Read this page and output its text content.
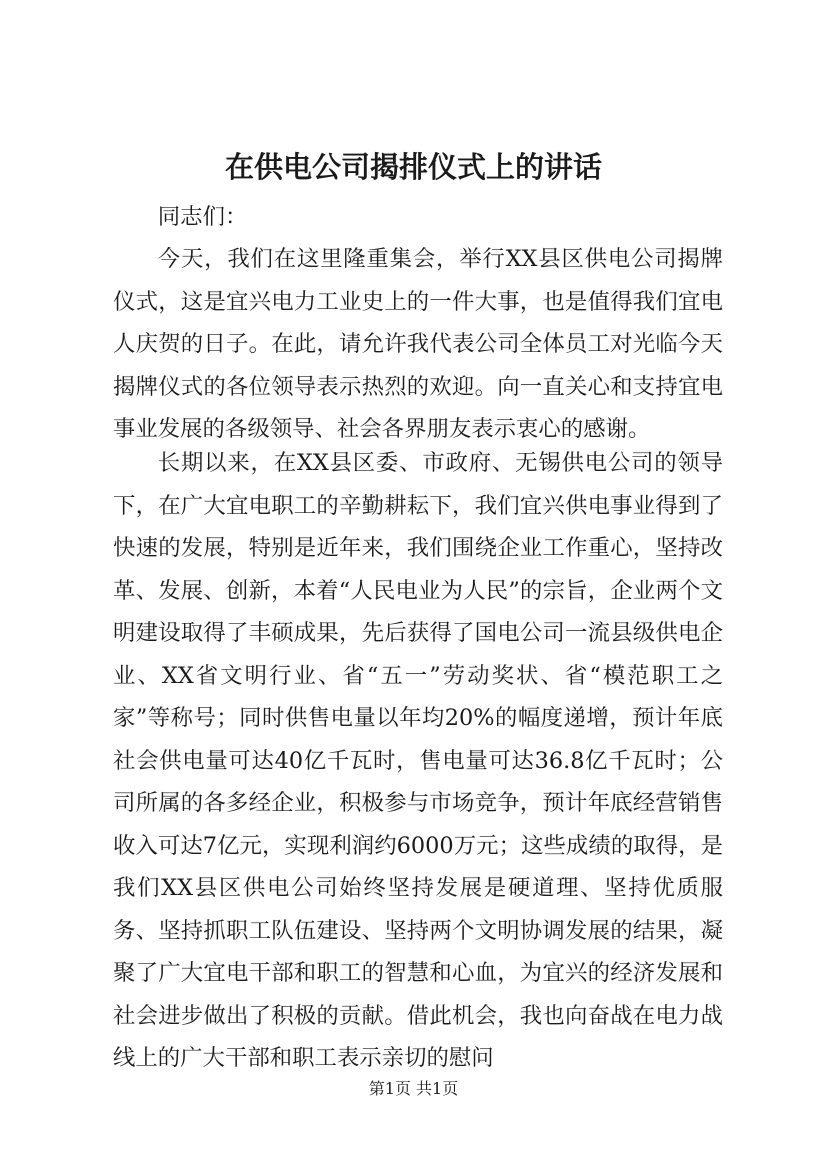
在供电公司揭排仪式上的讲话

同志们：

今天，我们在这里隆重集会，举行XX县区供电公司揭牌仪式，这是宜兴电力工业史上的一件大事，也是值得我们宜电人庆贺的日子。在此，请允许我代表公司全体员工对光临今天揭牌仪式的各位领导表示热烈的欢迎。向一直关心和支持宜电事业发展的各级领导、社会各界朋友表示衷心的感谢。

长期以来，在XX县区委、市政府、无锡供电公司的领导下，在广大宜电职工的辛勤耕耘下，我们宜兴供电事业得到了快速的发展，特别是近年来，我们围绕企业工作重心，坚持改革、发展、创新，本着“人民电业为人民”的宗旨，企业两个文明建设取得了丰硕成果，先后获得了国电公司一流县级供电企业、XX省文明行业、省“五一”劳动奖状、省“模范职工之家”等称号；同时供售电量以年均20%的幅度递增，预计年底社会供电量可达40亿千瓦时，售电量可达36.8亿千瓦时；公司所属的各多经企业，积极参与市场竞争，预计年底经营销售收入可达7亿元，实现利润约6000万元；这些成绩的取得，是我们XX县区供电公司始终坚持发展是硬道理、坚持优质服务、坚持抓职工队伍建设、坚持两个文明协调发展的结果，凝聚了广大宜电干部和职工的智慧和心血，为宜兴的经济发展和社会进步做出了积极的贡献。借此机会，我也向奋战在电力战线上的广大干部和职工表示亲切的慰问

第1页 共1页
